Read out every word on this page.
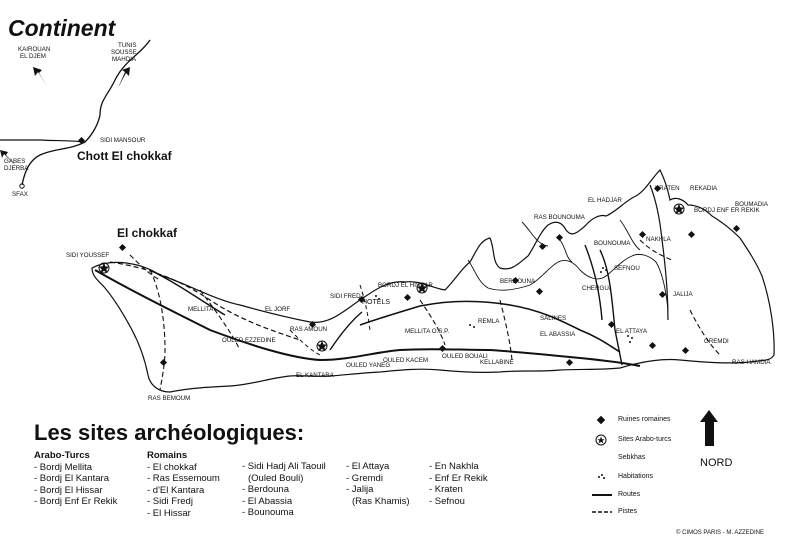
Continent
KAIROUAN
EL DJEM
TUNIS
SOUSSE
MAHDIA
GABES
DJERBA
SFAX
SIDI MANSOUR
Chott El chokkaf
El chokkaf
SIDI YOUSSEF
MELLITA	EL JORF
RAS AMOUN
OULED EZZEDINE
EL KANTARA
RAS BEMOUM
SIDI FREDJ
HOTELS
BORDJ EL HISSAR
OULED YANEG
OULED KACEM
MELLITA O.S.P.
REMLA
OULED BOUALI
KELLABINE
EL ABASSIA
SALINES
RAS BOUNOUMA
BOUNOUMA
BERDOUNA
CHERGUI
KRATEN
JALIJA
SEFNOU
EL HADJAR
NAKHLA
BORDJ ENF ER REKIK
REKADIA
BOUMADIA
GREMDI
RAS HAMDIA
EL ATTAYA
Les sites archéologiques:
Arabo-Turcs
- Bordj Mellita
- Bordj El Kantara
- Bordj El Hissar
- Bordj Enf Er Rekik
Romains
- El chokkaf
- Ras Essemoum
- d'El Kantara
- Sidi Fredj
- El Hissar
- Sidi Hadj Ali Taouil
(Ouled Bouli)
- Berdouna
- El Abassia
- Bounouma
- El Attaya
- Gremdi
- Jalija
(Ras Khamis)
- En Nakhla
- Enf Er Rekik
- Kraten
- Sefnou
Ruines romaines
Sites Arabo-turcs
Sebkhas
Habitations
Routes
Pistes
NORD
© CIMOS PARIS - M. AZZEDINE
